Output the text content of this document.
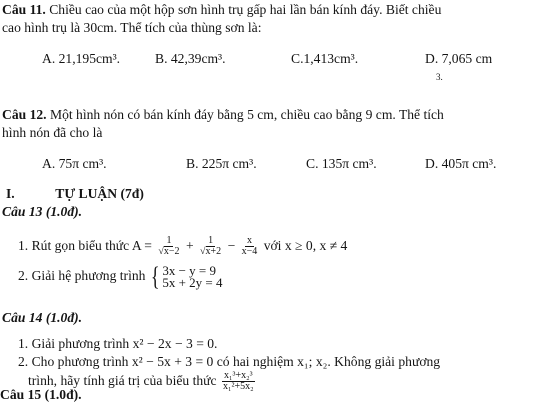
Câu 11. Chiều cao của một hộp sơn hình trụ gấp hai lần bán kính đáy. Biết chiều
cao hình trụ là 30cm. Thể tích của thùng sơn là:
A. 21,195cm³.	B. 42,39cm³.	C.1,413cm³.	D. 7,065 cm
3.
Câu 12. Một hình nón có bán kính đáy bằng 5 cm, chiều cao bằng 9 cm. Thể tích
hình nón đã cho là
A. 75π cm³.	B. 225π cm³.	C. 135π cm³.	D. 405π cm³.
I.	TỰ LUẬN (7đ)
Câu 13 (1.0đ).
1. Rút gọn biểu thức $A = \frac{1}{√x-2} + \frac{1}{√x+2} - \frac{x}{x-4}$ với x ≥ 0, x ≠ 4
2. Giải hệ phương trình { 3x − y = 9
5x + 2y = 4
Câu 14 (1.0đ).
1. Giải phương trình x² − 2x − 3 = 0.
2. Cho phương trình x² − 5x + 3 = 0 có hai nghiệm x₁; x₂. Không giải phương
trình, hãy tính giá trị của biểu thức $\frac{\text{x₁³+x₂³}}{\text{x₁²+5x₂}}$
Câu 15 (1.0đ).
